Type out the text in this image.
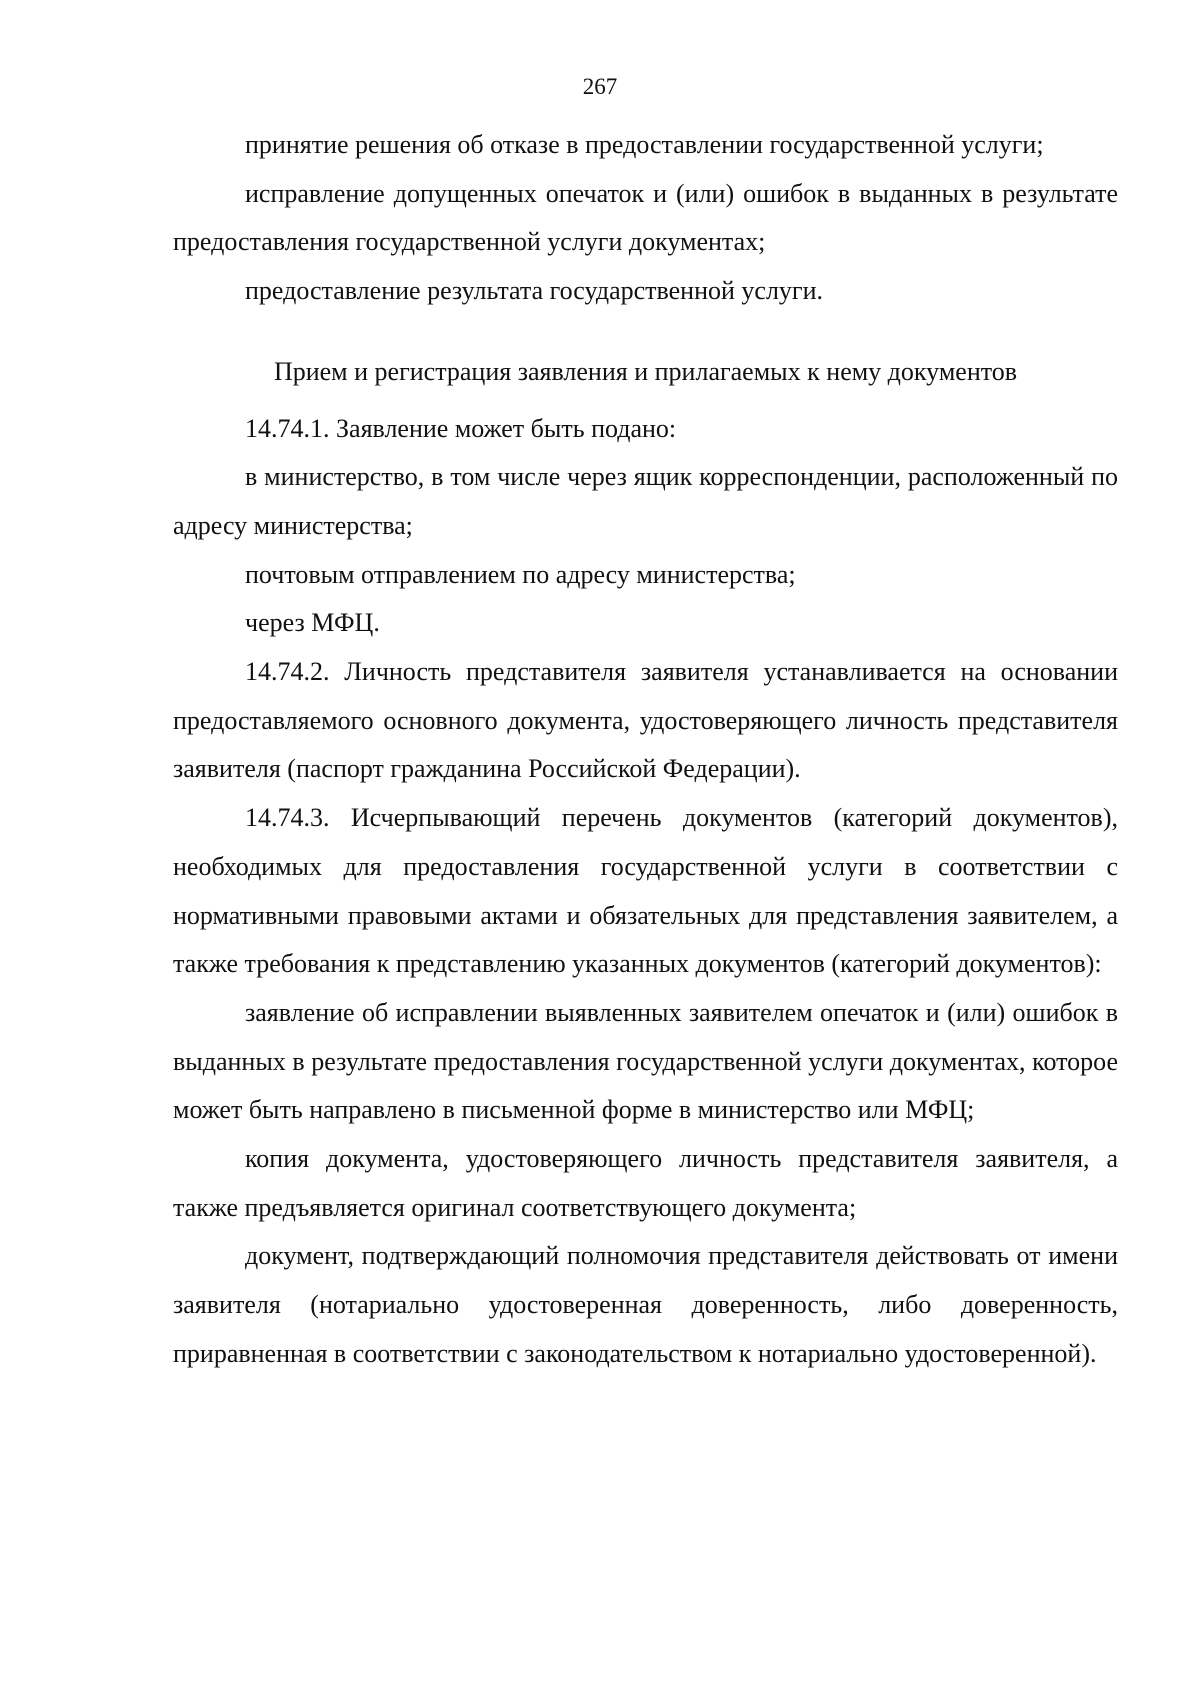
267

принятие решения об отказе в предоставлении государственной услуги;

исправление допущенных опечаток и (или) ошибок в выданных в результате предоставления государственной услуги документах;

предоставление результата государственной услуги.

Прием и регистрация заявления и прилагаемых к нему документов

14.74.1. Заявление может быть подано:

в министерство, в том числе через ящик корреспонденции, расположенный по адресу министерства;

почтовым отправлением по адресу министерства;

через МФЦ.

14.74.2. Личность представителя заявителя устанавливается на основании предоставляемого основного документа, удостоверяющего личность представителя заявителя (паспорт гражданина Российской Федерации).

14.74.3. Исчерпывающий перечень документов (категорий документов), необходимых для предоставления государственной услуги в соответствии с нормативными правовыми актами и обязательных для представления заявителем, а также требования к представлению указанных документов (категорий документов):

заявление об исправлении выявленных заявителем опечаток и (или) ошибок в выданных в результате предоставления государственной услуги документах, которое может быть направлено в письменной форме в министерство или МФЦ;

копия документа, удостоверяющего личность представителя заявителя, а также предъявляется оригинал соответствующего документа;

документ, подтверждающий полномочия представителя действовать от имени заявителя (нотариально удостоверенная доверенность, либо доверенность, приравненная в соответствии с законодательством к нотариально удостоверенной).
